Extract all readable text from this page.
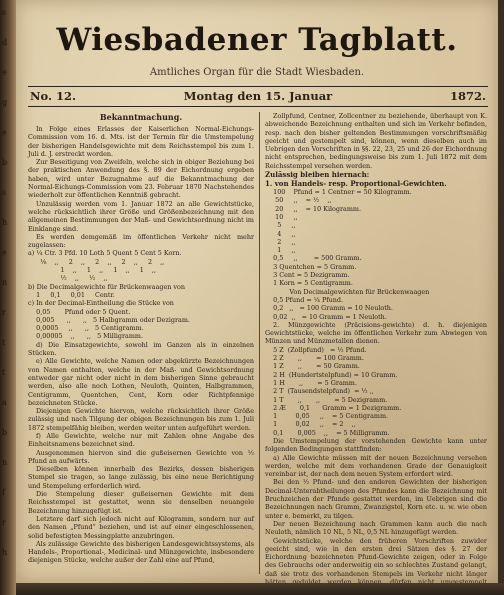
s
d
e
g
e
b
s
h
e
n
r
t
t
a
b
n
f
r
h
Wiesbadener Tagblatt.
Amtliches Organ für die Stadt Wiesbaden.
No. 12.	Montag den 15. Januar	1872.
Bekanntmachung.

In Folge eines Erlasses der Kaiserlichen Normal-Eichungs-Commission vom 16. d. Mts. ist der Termin für die Umstempelung der bisherigen Handelsgewichte mit dem Reichsstempel bis zum 1. Juli d. J. erstreckt worden.

Zur Beseitigung von Zweifeln, welche sich in obiger Beziehung bei der praktischen Anwendung des §. 89 der Eichordnung ergeben haben, wird unter Bezugnahme auf die Bekanntmachung der Normal-Eichungs-Commission vom 23. Februar 1870 Nachstehendes wiederholt zur öffentlichen Kenntniß gebracht.

Unzulässig werden vom 1. Januar 1872 an alle Gewichtstücke, welche rücksichtlich ihrer Größe und Größenbezeichnung mit den allgemeinen Bestimmungen der Maß- und Gewichtsordnung nicht im Einklange sind.

Es werden demgemäß im öffentlichen Verkehr nicht mehr zugelassen:

a) ¼ Ctr. 3 Pfd. 10 Loth 5 Quent 5 Cent 5 Korn.
⅛    ,,     2    ,,     2    ,,     2    ,,     2    ,,
1    ,,     1    ,,     1    ,,     1    ,,
½    ,,     ½    ,,
b) Die Decimalgewichte für Brückenwaagen von
1     0,1     0,01     Centr.
c) In der Decimal-Eintheilung die Stücke von
0,05       Pfund oder 5 Quent.
0,005      ,,      ,,   5 Halbgramm oder Dezigram.
0,0005     ,,      ,,   5 Centigramm.
0,00005    ,,      ,,   5 Milligramm.

d) Die Einsatzgewichte, sowohl im Ganzen als in einzelnen Stücken.

e) Alle Gewichte, welche Namen oder abgekürzte Bezeichnungen von Namen enthalten, welche in der Maß- und Gewichtsordnung entweder gar nicht oder nicht in dem bisherigen Sinne gebraucht werden, also alle noch Lothen, Neuloth, Quinten, Halbgrammen, Centigramm, Quentchen, Cent, Korn oder Richtpfennige bezeichneten Stücke.

Diejenigen Gewichte hiervon, welche rücksichtlich ihrer Größe zulässig und nach Tilgung der obigen Bezeichnungen bis zum 1. Juli 1872 stempelfähig bleiben, werden weiter unten aufgeführt werden.

f) Alle Gewichte, welche nur mit Zahlen ohne Angabe des Einheitsnamens bezeichnet sind.

Ausgenommen hiervon sind die gußeisernen Gewichte von ½ Pfund an aufwärts.

Dieselben können innerhalb des Bezirks, dessen bisherigen Stempel sie tragen, so lange zulässig, bis eine neue Berichtigung und Stempelung erforderlich wird.

Die Stempelung dieser gußeisernen Gewichte mit dem Reichsstempel ist gestattet, wenn sie denselben neuangele Bezeichnung hinzugefügt ist.

Letztere darf sich jedoch nicht auf Kilogramm, sondern nur auf den Namen „Pfund“ beziehen, und ist auf einer eingeschlossenen, solid befestigten Messingplatte anzubringen.

Als zulässige Gewichte des bisherigen Landesgewichtssystems, als Handels-, Proportional-, Medicinal- und Münzgewichte, insbesondere diejenigen Stücke, welche außer der Zahl eine auf Pfund,

Zollpfund, Centner, Zollcentner zu beziehende, überhaupt von K. abweichende Bezeichnung enthalten und sich im Verkehr befinden, resp. nach den bisher geltenden Bestimmungen vorschriftsmäßig geeicht und gestempelt sind, können, wenn dieselben auch im Uebrigen den Vorschriften in §§. 22, 23, 25 und 26 der Eichordnung nicht entsprechen, bedingungsweise bis zum 1. Juli 1872 mit dem Reichsstempel versehen werden.

Zulässig bleiben hiernach:
1. von Handels- resp. Proportional-Gewichten.
100    Pfund = 1 Centner = 50 Kilogramm.
50     ,,    = ½    ,,
20     ,,    = 10 Kilogramm.
10     ,,
5     ,,
4     ,,
2     ,,
1     ,,
0,5     ,,        = 500 Gramm.
3 Quentchen = 5 Gramm.
3 Cent = 5 Dezigramm.
1 Korn = 5 Centigramm.
Von Decimalgewichten für Brückenwaagen
0,5 Pfund = ¼ Pfund.
0,2   ,,   = 100 Gramm = 10 Neuloth.
0,02  ,,   = 10 Gramm = 1 Neuloth.

2. Münzgewichte (Präcisions-gewichte) d. h. diejenigen Gewichtstücke, welche im öffentlichen Verkehr zum Abwiegen von Münzen und Münzmetallen dienen.

5 Z  (Zollpfund)   = ½ Pfund.
2 Z       ,,       = 100 Gramm.
1 Z       ,,       = 50 Gramm.
2 H  (Hundertstelpfund) = 10 Gramm.
1 H       ,,       = 5 Gramm.
2 T  (Tausendstelpfund)  = ½ ,,
1 T       ,,       ,,       = 5 Dezigramm.
2 Æ       0,1      Gramm = 1 Dezigramm.
1         0,05     ,,    = 5 Centigramm.
1         0,02     ,,    = 2    ,,
0,1       0,005    ,,    = 5 Milligramm.

Die Umstempelung der vorstehenden Gewichte kann unter folgenden Bedingungen stattfinden:

a) Alle Gewichte müssen mit der neuen Bezeichnung versehen werden, welche mit dem vorhandenen Grade der Genauigkeit vereinbar ist, der nach dem neuen System erfordert wird.

Bei den ½ Pfund- und den anderen Gewichten der bisherigen Decimal-Unterabtheilungen des Pfundes kann die Bezeichnung mit Bruchzeichen der Pfunde gestattet werden, im Uebrigen sind die Bezeichnungen nach Gramm, Zwanzigstel, Korn etc. u. w. wie oben unter e. bemerkt, zu tilgen.

Der neuen Bezeichnung nach Grammen kann auch die nach Neuloth, nämlich 10 NL, 5 NL, 0,5 NL hinzugefügt werden.

Gewichtstücke, welche den früheren Vorschriften zuwider geeicht sind, wie in den ersten drei Sätzen des §. 27 der Eichordnung bezeichneten Pfund-Gewichte zeigen, oder in Folge des Gebrauchs oder anderweitig ein so schlechtes Zustand gelangt, daß sie trotz des vorhandenen Stempels im Verkehr nicht länger
